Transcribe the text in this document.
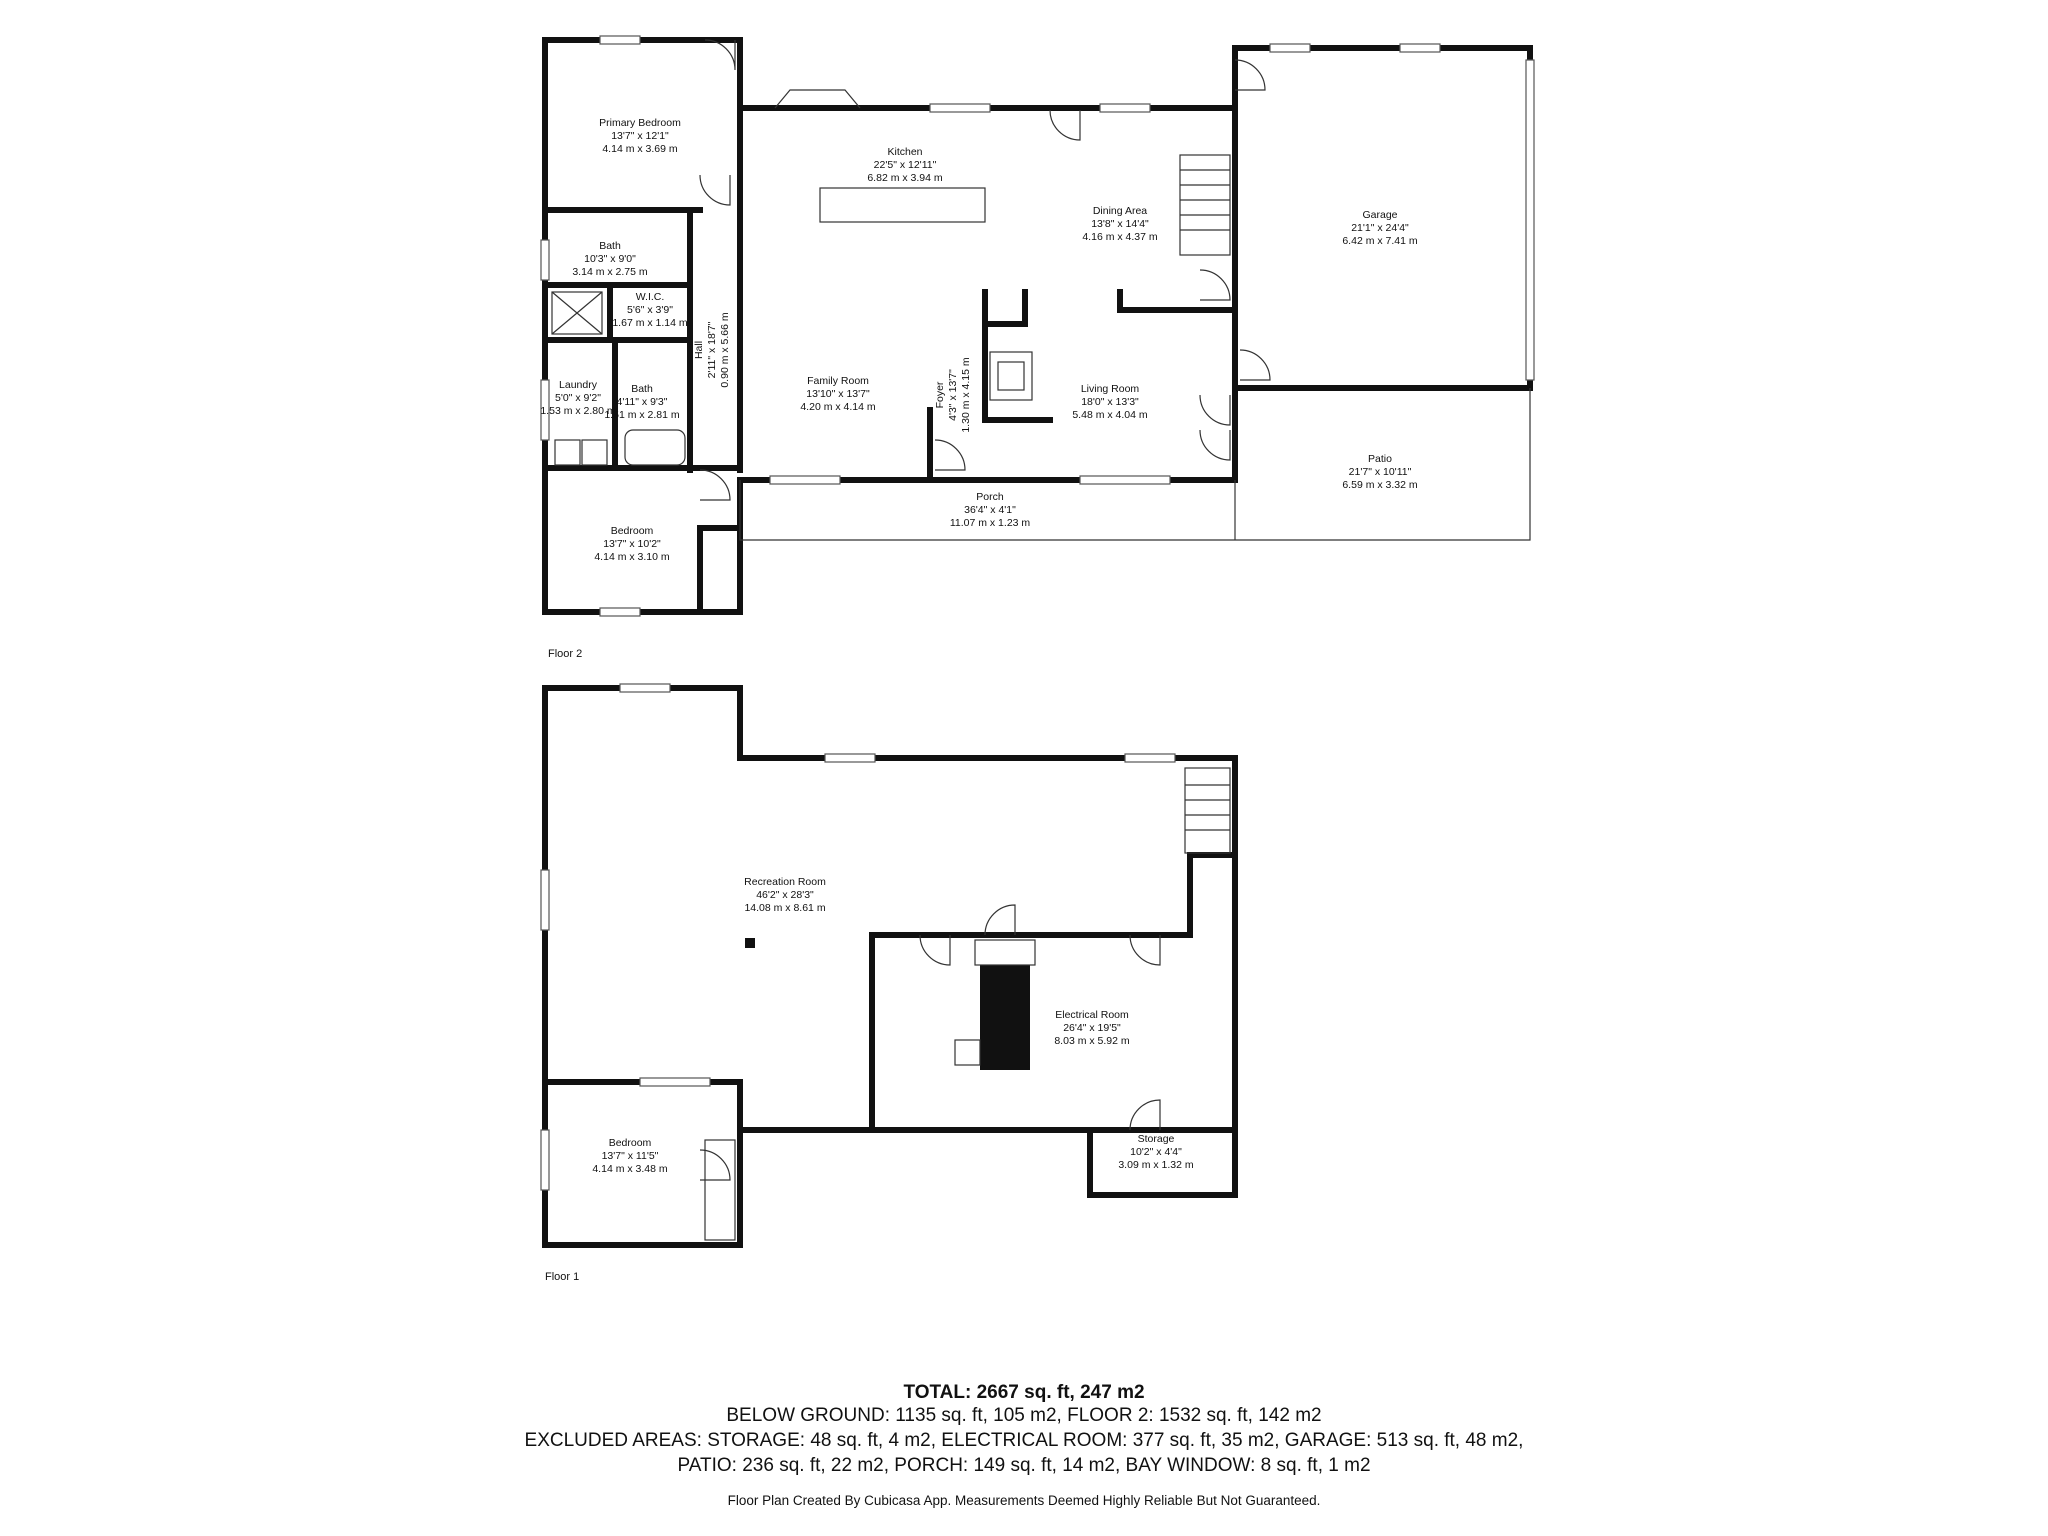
Primary Bedroom
13'7" x 12'1"
4.14 m x 3.69 m	Kitchen
22'5" x 12'11"
6.82 m x 3.94 m
Dining Area
13'8" x 14'4"
4.16 m x 4.37 m
Garage
21'1" x 24'4"
6.42 m x 7.41 m
Bath
10'3" x 9'0"
3.14 m x 2.75 m
W.I.C.
5'6" x 3'9"
1.67 m x 1.14 m
Hall 2'11" x 18'7" 0.90 m x 5.66 m
Laundry
5'0" x 9'2"
1.53 m x 2.80 m
Bath
4'11" x 9'3"
1.51 m x 2.81 m
Family Room
13'10" x 13'7"
4.20 m x 4.14 m	Foyer 4'3" x 13'7" 1.30 m x 4.15 m	Living Room
18'0" x 13'3"
5.48 m x 4.04 m
Patio
21'7" x 10'11"
6.59 m x 3.32 m
Porch
36'4" x 4'1"
11.07 m x 1.23 m
Bedroom
13'7" x 10'2"
4.14 m x 3.10 m
Floor 2
Recreation Room
46'2" x 28'3"
14.08 m x 8.61 m
Electrical Room
26'4" x 19'5"
8.03 m x 5.92 m
Bedroom
13'7" x 11'5"
4.14 m x 3.48 m
Storage
10'2" x 4'4"
3.09 m x 1.32 m
Floor 1
TOTAL: 2667 sq. ft, 247 m2
BELOW GROUND: 1135 sq. ft, 105 m2, FLOOR 2: 1532 sq. ft, 142 m2
EXCLUDED AREAS: STORAGE: 48 sq. ft, 4 m2, ELECTRICAL ROOM: 377 sq. ft, 35 m2, GARAGE: 513 sq. ft, 48 m2,
PATIO: 236 sq. ft, 22 m2, PORCH: 149 sq. ft, 14 m2, BAY WINDOW: 8 sq. ft, 1 m2
Floor Plan Created By Cubicasa App. Measurements Deemed Highly Reliable But Not Guaranteed.
